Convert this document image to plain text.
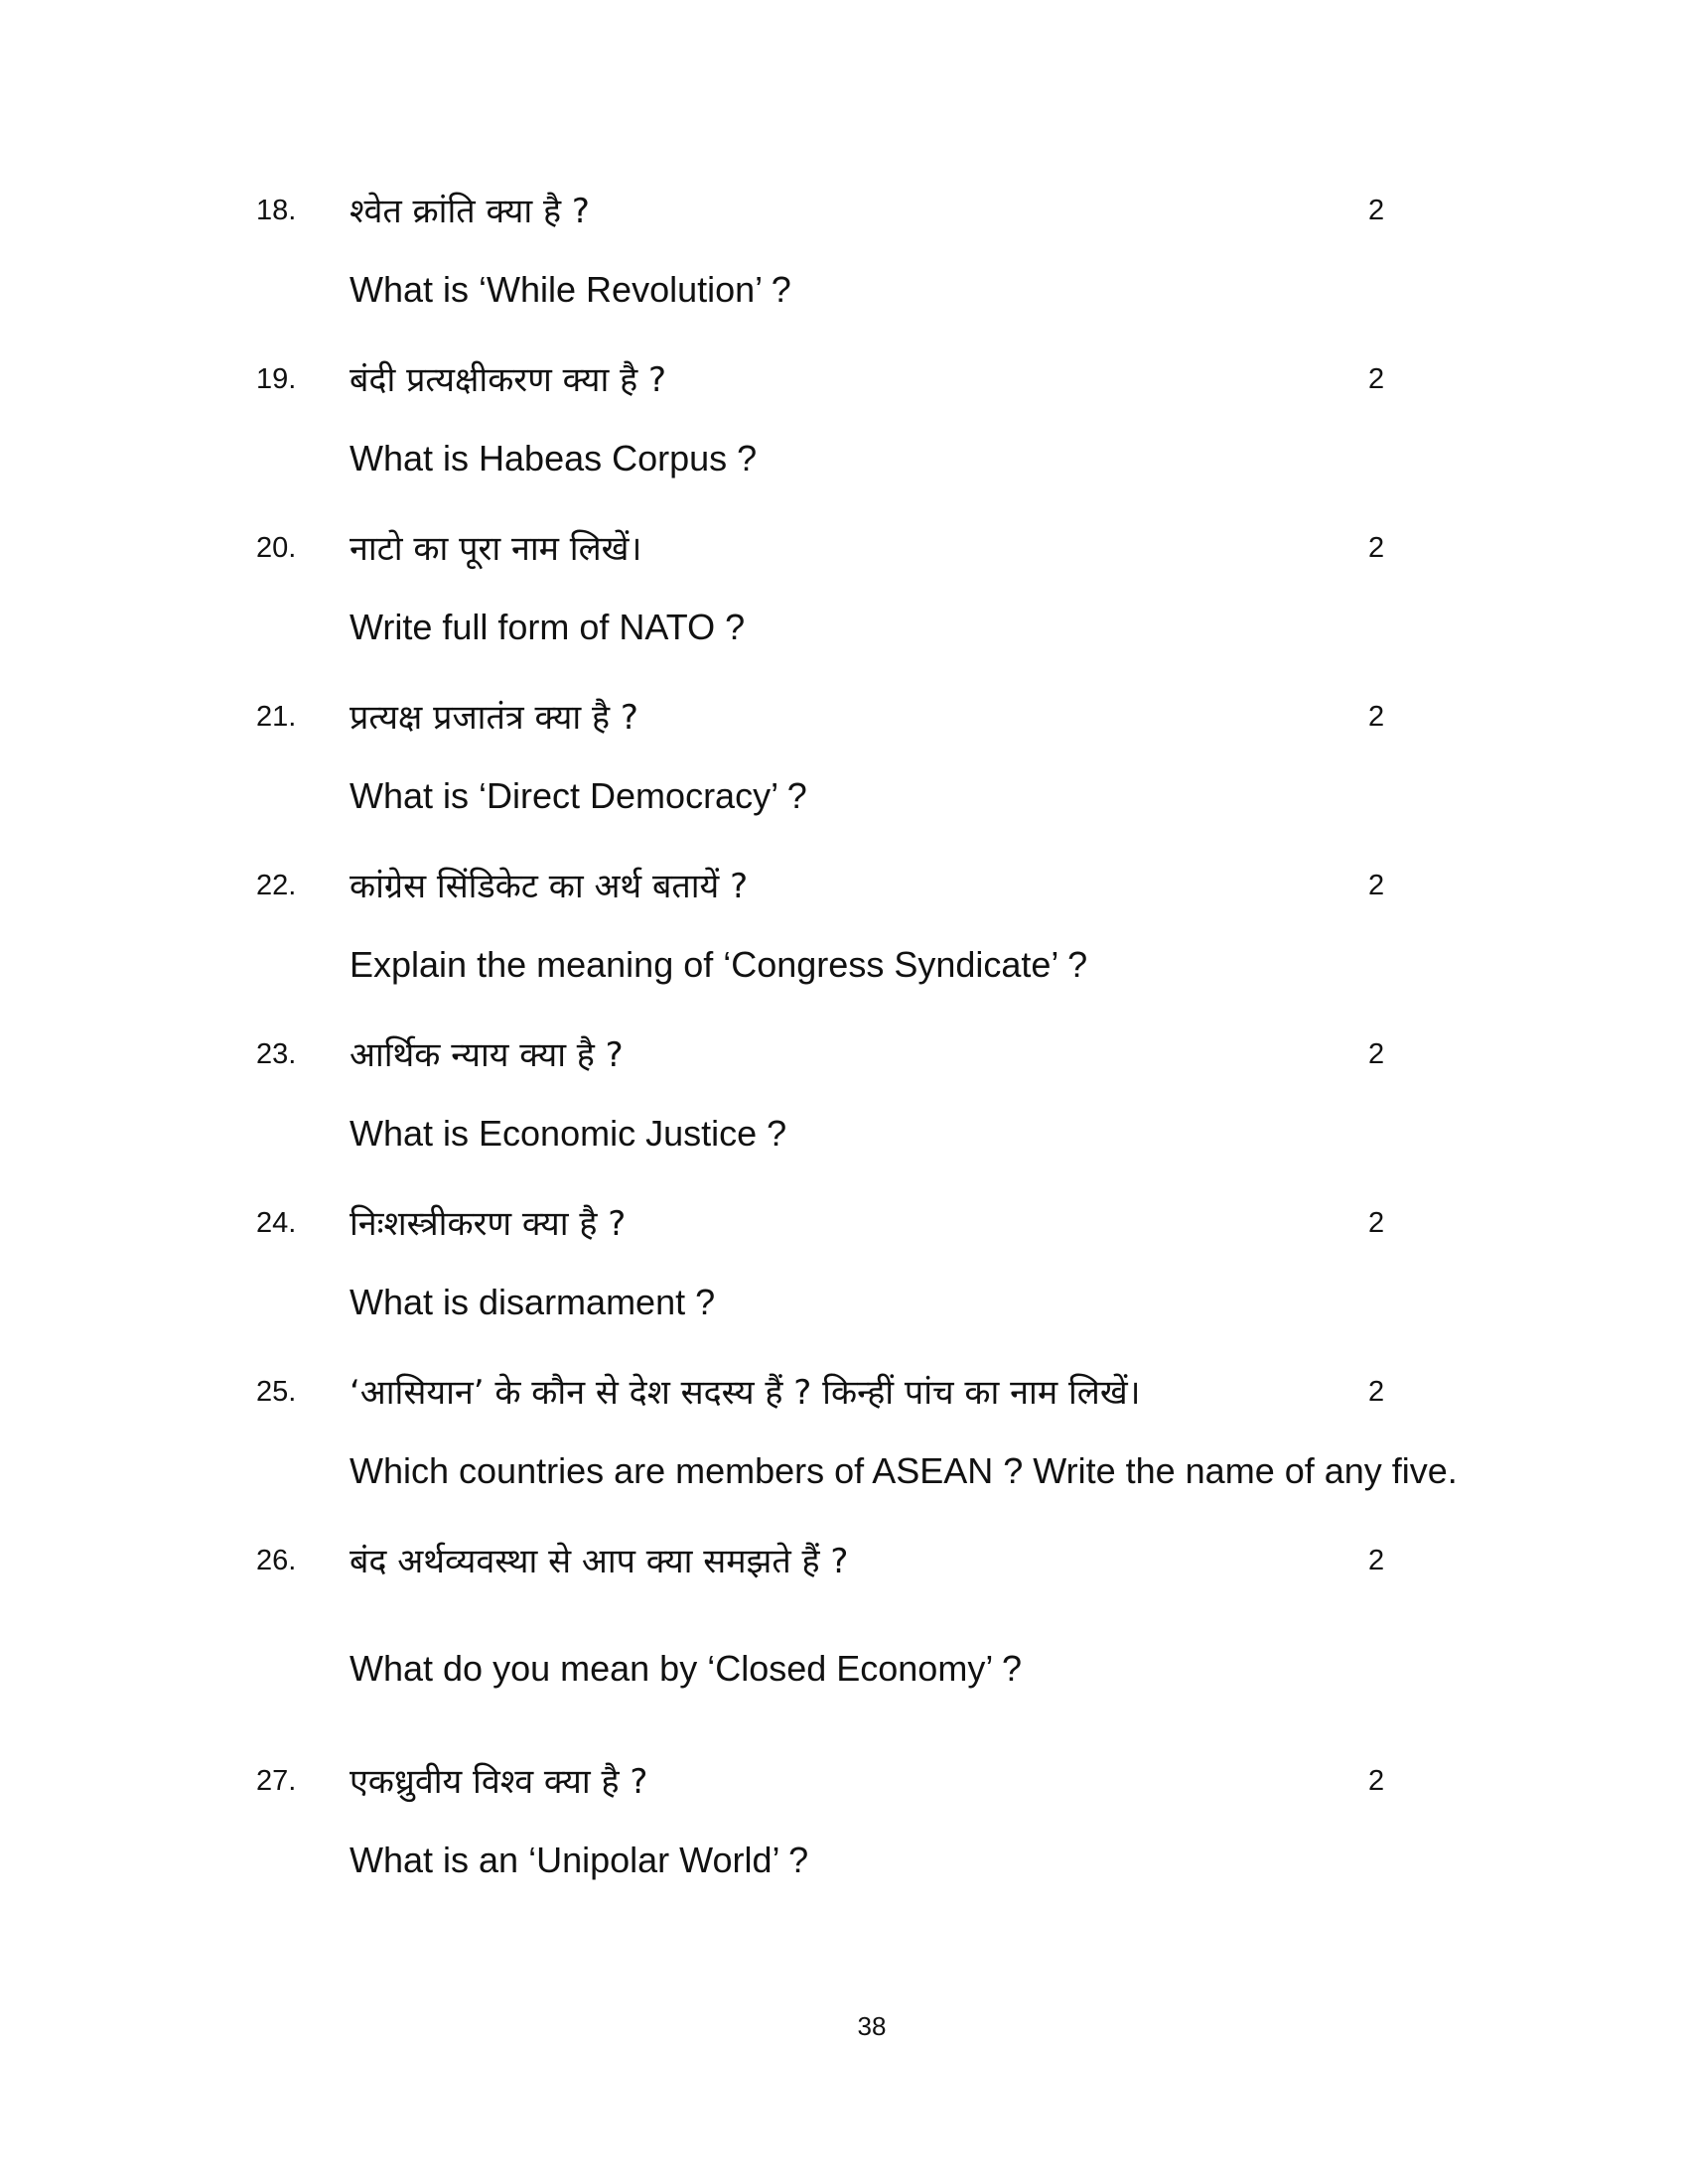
18. श्वेत क्रांति क्या है ?	2
What is ‘While Revolution’ ?
19. बंदी प्रत्यक्षीकरण क्या है ?	2
What is Habeas Corpus ?
20. नाटो का पूरा नाम लिखें।	2
Write full form of NATO ?
21. प्रत्यक्ष प्रजातंत्र क्या है ?	2
What is ‘Direct Democracy’ ?
22. कांग्रेस सिंडिकेट का अर्थ बतायें ?	2
Explain the meaning of ‘Congress Syndicate’ ?
23. आर्थिक न्याय क्या है ?	2
What is Economic Justice ?
24. निःशस्त्रीकरण क्या है ?	2
What is disarmament ?
25. ‘आसियान’ के कौन से देश सदस्य हैं ? किन्हीं पांच का नाम लिखें।	2
Which countries are members of ASEAN ? Write the name of any five.
26. बंद अर्थव्यवस्था से आप क्या समझते हैं ?	2
What do you mean by ‘Closed Economy’ ?
27. एकध्रुवीय विश्व क्या है ?	2
What is an ‘Unipolar World’ ?
38
